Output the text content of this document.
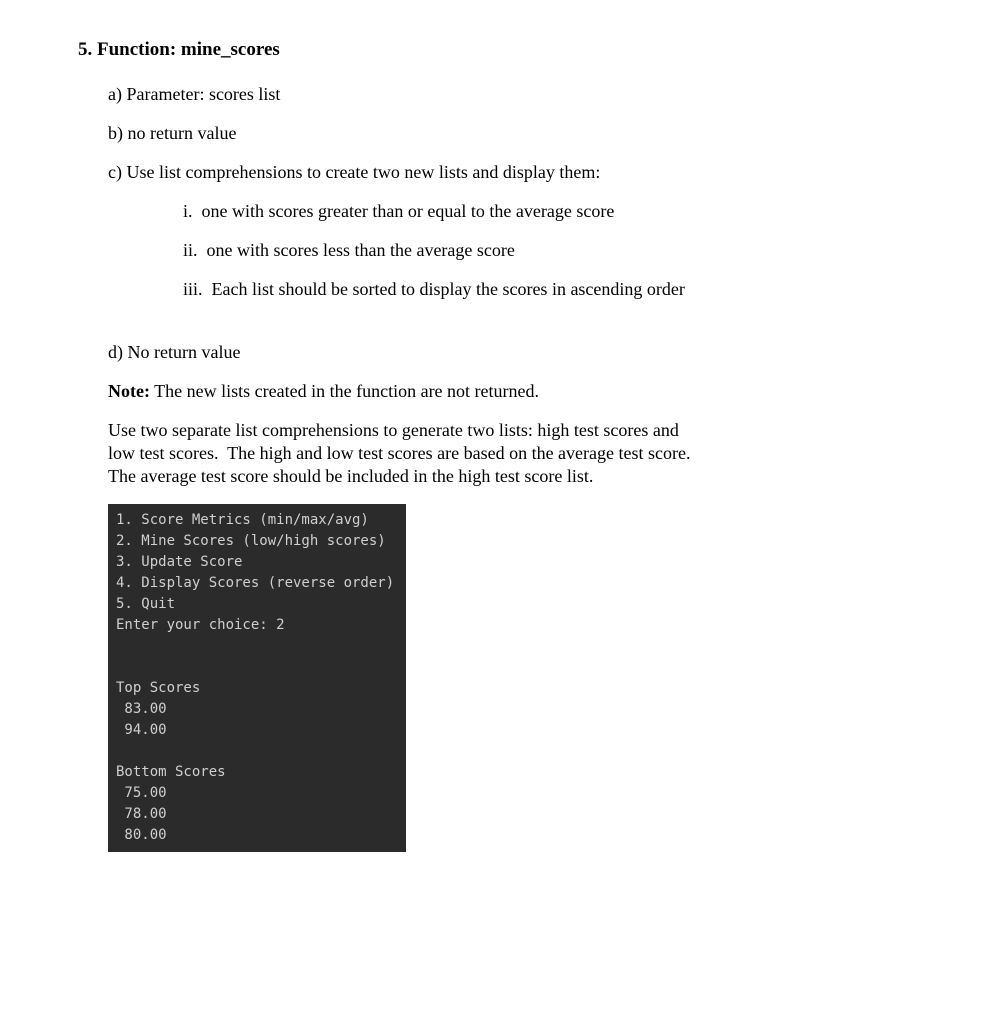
5. Function: mine_scores
a) Parameter: scores list
b) no return value
c) Use list comprehensions to create two new lists and display them:
i.  one with scores greater than or equal to the average score
ii.  one with scores less than the average score
iii.  Each list should be sorted to display the scores in ascending order
d) No return value
Note: The new lists created in the function are not returned.
Use two separate list comprehensions to generate two lists: high test scores and low test scores.  The high and low test scores are based on the average test score.  The average test score should be included in the high test score list.
1. Score Metrics (min/max/avg)
2. Mine Scores (low/high scores)
3. Update Score
4. Display Scores (reverse order)
5. Quit
Enter your choice: 2
Top Scores
83.00
94.00
Bottom Scores
75.00
78.00
80.00
